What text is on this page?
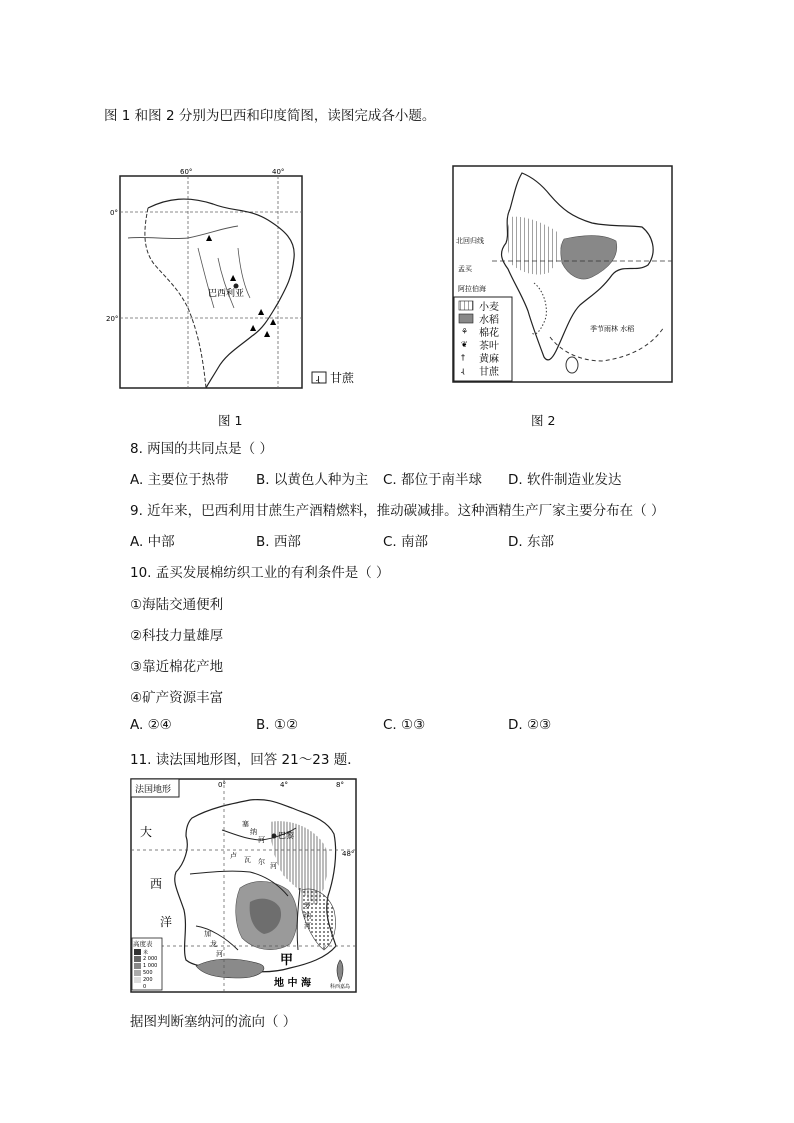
图 1 和图 2 分别为巴西和印度简图，读图完成各小题。
▲
▲
▲
▲
▲
▲
巴西利亚
60°	40°
0°
20°
ɻ 甘蔗
图 1
北回归线
孟买
阿拉伯海
季节雨林 水稻
⚘
❦
†
ɻ
小麦
水稻
棉花
茶叶
黄麻
甘蔗
图 2
8. 两国的共同点是（ ）
A. 主要位于热带 B. 以黄色人种为主 C. 都位于南半球 D. 软件制造业发达
9. 近年来，巴西利用甘蔗生产酒精燃料，推动碳减排。这种酒精生产厂家主要分布在（ ）
A. 中部	B. 西部	C. 南部	D. 东部
10. 孟买发展棉纺织工业的有利条件是（ ）
①海陆交通便利
②科技力量雄厚
③靠近棉花产地
④矿产资源丰富
A. ②④	B. ①②	C. ①③	D. ②③
11. 读法国地形图，回答 21～23 题．
法国地形	0°	4°	8°
48°
巴黎
大
西
洋
卢 瓦 尔 河
塞
纳
河
罗
纳
河
加
龙
河	甲
地 中 海
高度表
米
2 000
1 000
500
200
0	科西嘉岛
据图判断塞纳河的流向（ ）
